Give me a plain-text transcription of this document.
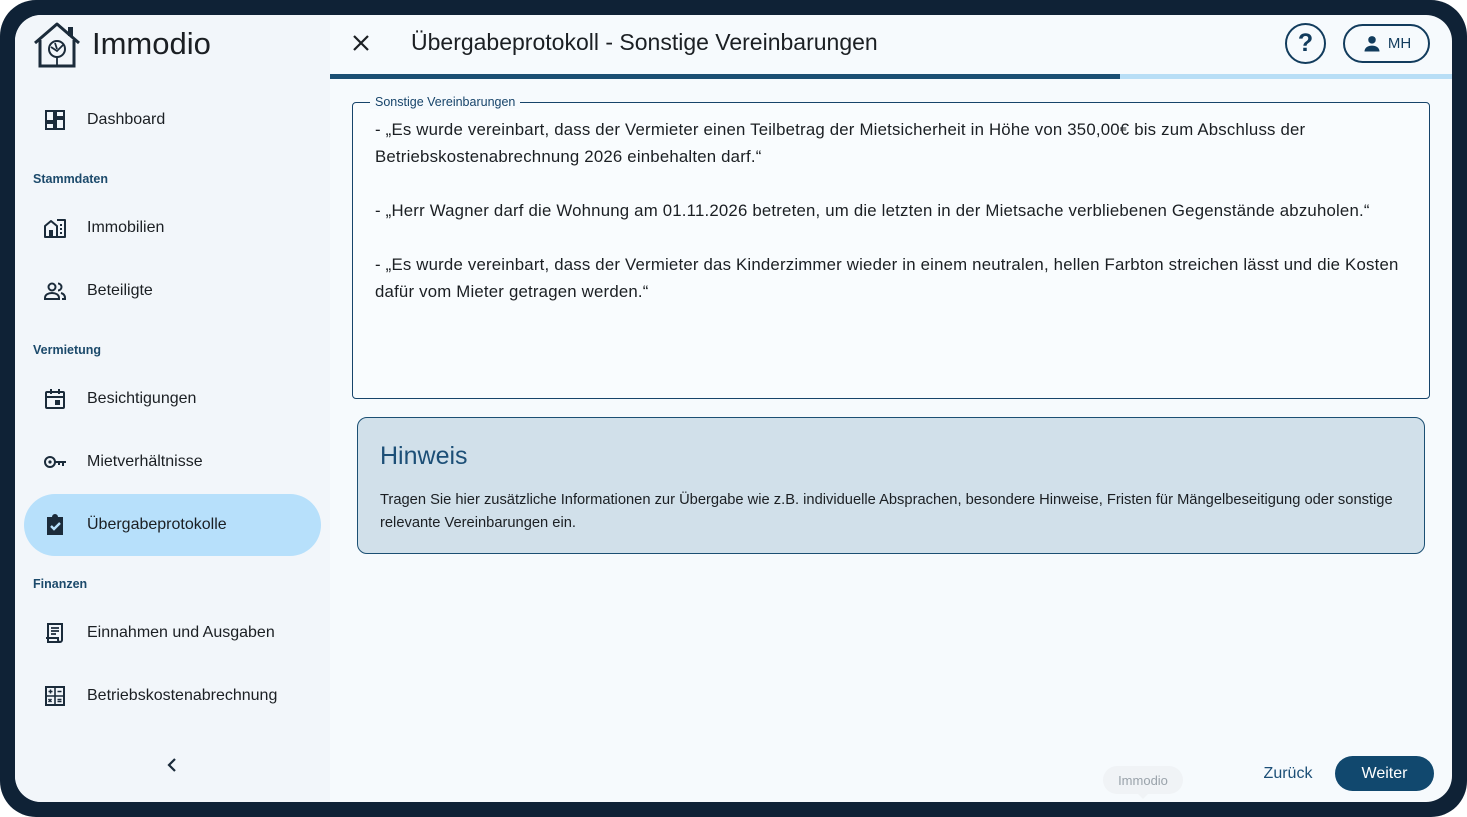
Immodio
Dashboard
Stammdaten
Immobilien
Beteiligte
Vermietung
Besichtigungen
Mietverhältnisse
Übergabeprotokolle
Finanzen
Einnahmen und Ausgaben
Betriebskostenabrechnung
Übergabeprotokoll - Sonstige Vereinbarungen	?	MH
Sonstige Vereinbarungen

- „Es wurde vereinbart, dass der Vermieter einen Teilbetrag der Mietsicherheit in Höhe von 350,00€ bis zum Abschluss der Betriebskostenabrechnung 2026 einbehalten darf.“

- „Herr Wagner darf die Wohnung am 01.11.2026 betreten, um die letzten in der Mietsache verbliebenen Gegenstände abzuholen.“

- „Es wurde vereinbart, dass der Vermieter das Kinderzimmer wieder in einem neutralen, hellen Farbton streichen lässt und die Kosten dafür vom Mieter getragen werden.“

Hinweis
Tragen Sie hier zusätzliche Informationen zur Übergabe wie z.B. individuelle Absprachen, besondere Hinweise, Fristen für Mängelbeseitigung oder sonstige relevante Vereinbarungen ein.
Immodio	Zurück	Weiter
